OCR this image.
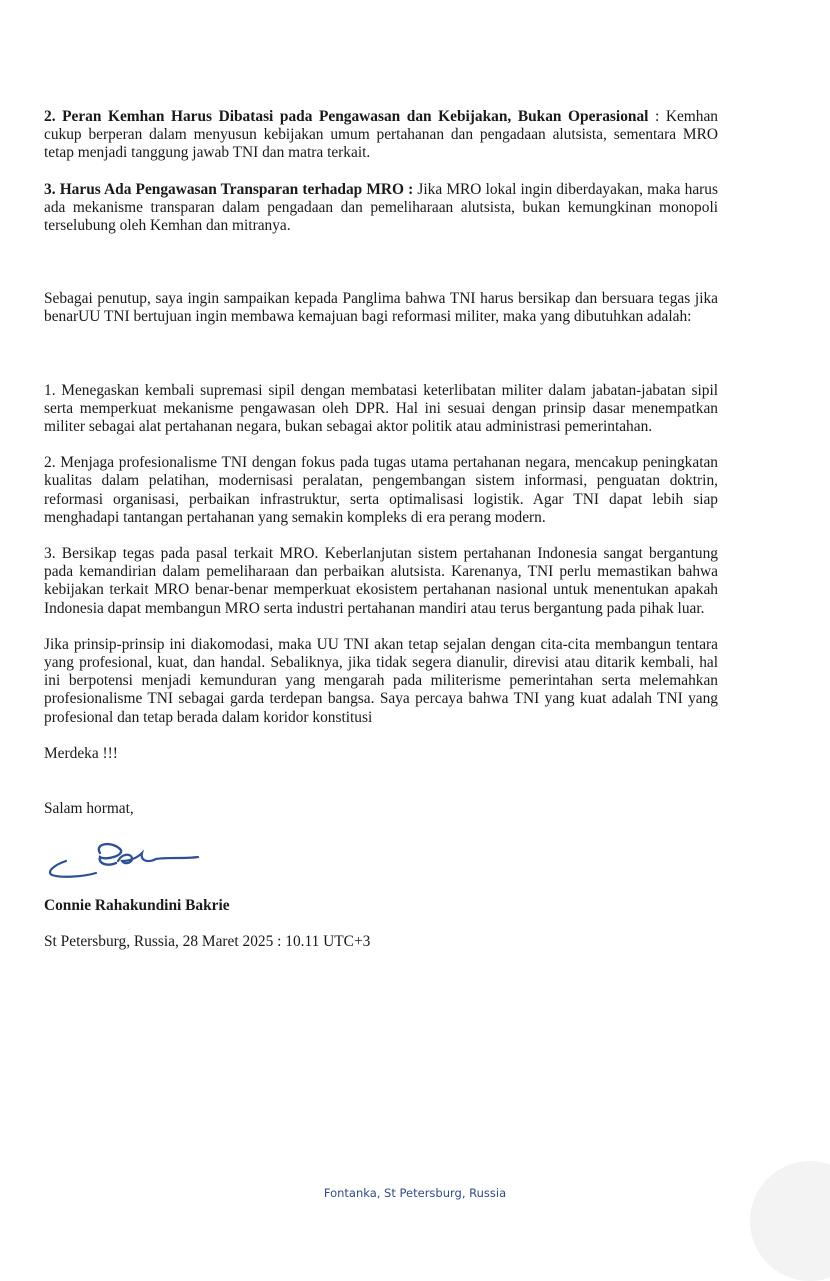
2. Peran Kemhan Harus Dibatasi pada Pengawasan dan Kebijakan, Bukan Operasional : Kemhan cukup berperan dalam menyusun kebijakan umum pertahanan dan pengadaan alutsista, sementara MRO tetap menjadi tanggung jawab TNI dan matra terkait.

3. Harus Ada Pengawasan Transparan terhadap MRO : Jika MRO lokal ingin diberdayakan, maka harus ada mekanisme transparan dalam pengadaan dan pemeliharaan alutsista, bukan kemungkinan monopoli terselubung oleh Kemhan dan mitranya.

Sebagai penutup, saya ingin sampaikan kepada Panglima bahwa TNI harus bersikap dan bersuara tegas jika benarUU TNI bertujuan ingin membawa kemajuan bagi reformasi militer, maka yang dibutuhkan adalah:

1. Menegaskan kembali supremasi sipil dengan membatasi keterlibatan militer dalam jabatan-jabatan sipil serta memperkuat mekanisme pengawasan oleh DPR. Hal ini sesuai dengan prinsip dasar menempatkan militer sebagai alat pertahanan negara, bukan sebagai aktor politik atau administrasi pemerintahan.

2. Menjaga profesionalisme TNI dengan fokus pada tugas utama pertahanan negara, mencakup peningkatan kualitas dalam pelatihan, modernisasi peralatan, pengembangan sistem informasi, penguatan doktrin, reformasi organisasi, perbaikan infrastruktur, serta optimalisasi logistik. Agar TNI dapat lebih siap menghadapi tantangan pertahanan yang semakin kompleks di era perang modern.

3. Bersikap tegas pada pasal terkait MRO. Keberlanjutan sistem pertahanan Indonesia sangat bergantung pada kemandirian dalam pemeliharaan dan perbaikan alutsista. Karenanya, TNI perlu memastikan bahwa kebijakan terkait MRO benar-benar memperkuat ekosistem pertahanan nasional untuk menentukan apakah Indonesia dapat membangun MRO serta industri pertahanan mandiri atau terus bergantung pada pihak luar.

Jika prinsip-prinsip ini diakomodasi, maka UU TNI akan tetap sejalan dengan cita-cita membangun tentara yang profesional, kuat, dan handal. Sebaliknya, jika tidak segera dianulir, direvisi atau ditarik kembali, hal ini berpotensi menjadi kemunduran yang mengarah pada militerisme pemerintahan serta melemahkan profesionalisme TNI sebagai garda terdepan bangsa. Saya percaya bahwa TNI yang kuat adalah TNI yang profesional dan tetap berada dalam koridor konstitusi

Merdeka !!!

Salam hormat,

Connie Rahakundini Bakrie

St Petersburg, Russia, 28 Maret 2025 : 10.11 UTC+3

Fontanka, St Petersburg, Russia
